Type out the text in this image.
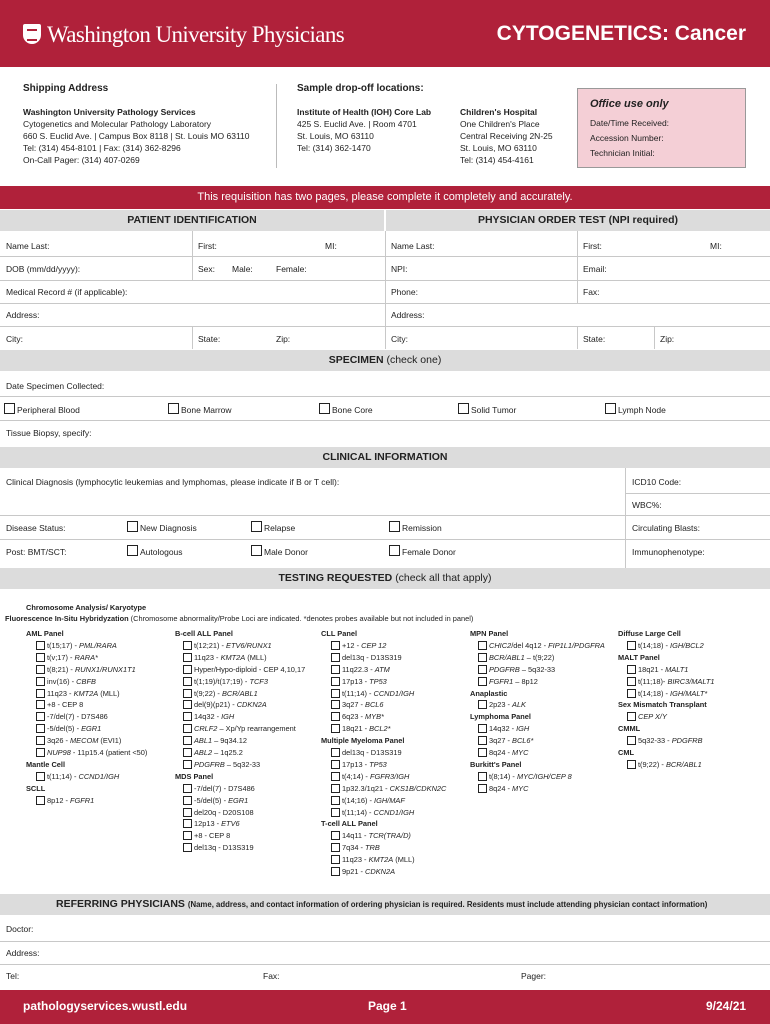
Washington University Physicians	CYTOGENETICS: Cancer
Shipping Address
Washington University Pathology Services
Cytogenetics and Molecular Pathology Laboratory
660 S. Euclid Ave. | Campus Box 8118 | St. Louis MO 63110
Tel: (314) 454-8101 | Fax: (314) 362-8296
On-Call Pager: (314) 407-0269
Sample drop-off locations:
Institute of Health (IOH) Core Lab
425 S. Euclid Ave. | Room 4701
St. Louis, MO 63110
Tel: (314) 362-1470
Children's Hospital
One Children's Place
Central Receiving 2N-25
St. Louis, MO 63110
Tel: (314) 454-4161
Office use only
Date/Time Received:
Accession Number:
Technician Initial:
This requisition has two pages, please complete it completely and accurately.
PATIENT IDENTIFICATION	PHYSICIAN ORDER TEST (NPI required)
Name Last:	First:	MI:
DOB (mm/dd/yyyy):	Sex: Male:	Female:
Medical Record # (if applicable):
Address:
City:	State:	Zip:
Name Last:	First:	MI:
NPI:	Email:
Phone:	Fax:
Address:
City:	State:	Zip:
SPECIMEN (check one)
Date Specimen Collected:
Peripheral Blood	Bone Marrow	Bone Core	Solid Tumor	Lymph Node
Tissue Biopsy, specify:
CLINICAL INFORMATION
Clinical Diagnosis (lymphocytic leukemias and lymphomas, please indicate if B or T cell):	ICD10 Code:
WBC%:
Disease Status:	New Diagnosis	Relapse	Remission	Circulating Blasts:
Post: BMT/SCT:	Autologous	Male Donor	Female Donor	Immunophenotype:
TESTING REQUESTED (check all that apply)
Chromosome Analysis/ Karyotype
Fluorescence In-Situ Hybridyzation (Chromosome abnormality/Probe Loci are indicated. *denotes probes available but not included in panel)
AML Panel
t(15;17) - PML/RARA
t(v;17) - RARA*
t(8;21) - RUNX1/RUNX1T1
inv(16) - CBFB
11q23 - KMT2A (MLL)
+8 - CEP 8
-7/del(7) - D7S486
-5/del(5) - EGR1
3q26 - MECOM (EVI1)
NUP98 - 11p15.4 (patient <50)
Mantle Cell
t(11;14) - CCND1/IGH
SCLL
8p12 - FGFR1
B-cell ALL Panel
t(12;21) - ETV6/RUNX1
11q23 - KMT2A (MLL)
Hyper/Hypo-diploid - CEP 4,10,17
t(1;19)/t(17;19) - TCF3
t(9;22) - BCR/ABL1
del(9)(p21) - CDKN2A
14q32 - IGH
CRLF2 – Xp/Yp rearrangement
ABL1 – 9q34.12
ABL2 – 1q25.2
PDGFRB – 5q32-33
MDS Panel
-7/del(7) - D7S486
-5/del(5) - EGR1
del20q - D20S108
12p13 - ETV6
+8 - CEP 8
del13q - D13S319
CLL Panel
+12 - CEP 12
del13q - D13S319
11q22.3 - ATM
17p13 - TP53
t(11;14) - CCND1/IGH
3q27 - BCL6
6q23 - MYB*
18q21 - BCL2*
Multiple Myeloma Panel
del13q - D13S319
17p13 - TP53
t(4;14) - FGFR3/IGH
1p32.3/1q21 - CKS1B/CDKN2C
t(14;16) - IGH/MAF
t(11;14) - CCND1/IGH
T-cell ALL Panel
14q11 - TCR(TRA/D)
7q34 - TRB
11q23 - KMT2A (MLL)
9p21 - CDKN2A
MPN Panel
CHIC2/del 4q12 - FIP1L1/PDGFRA
BCR/ABL1 – t(9;22)
PDGFRB – 5q32-33
FGFR1 – 8p12
Anaplastic
2p23 - ALK
Lymphoma Panel
14q32 - IGH
3q27 - BCL6*
8q24 - MYC
Burkitt's Panel
t(8;14) - MYC/IGH/CEP 8
8q24 - MYC
Diffuse Large Cell
t(14;18) - IGH/BCL2
MALT Panel
18q21 - MALT1
t(11;18)- BIRC3/MALT1
t(14;18) - IGH/MALT*
Sex Mismatch Transplant
CEP X/Y
CMML
5q32-33 - PDGFRB
CML
t(9;22) - BCR/ABL1
REFERRING PHYSICIANS (Name, address, and contact information of ordering physician is required. Residents must include attending physician contact information)
Doctor:
Address:
Tel:	Fax:	Pager:
pathologyservices.wustl.edu	Page 1	9/24/21
